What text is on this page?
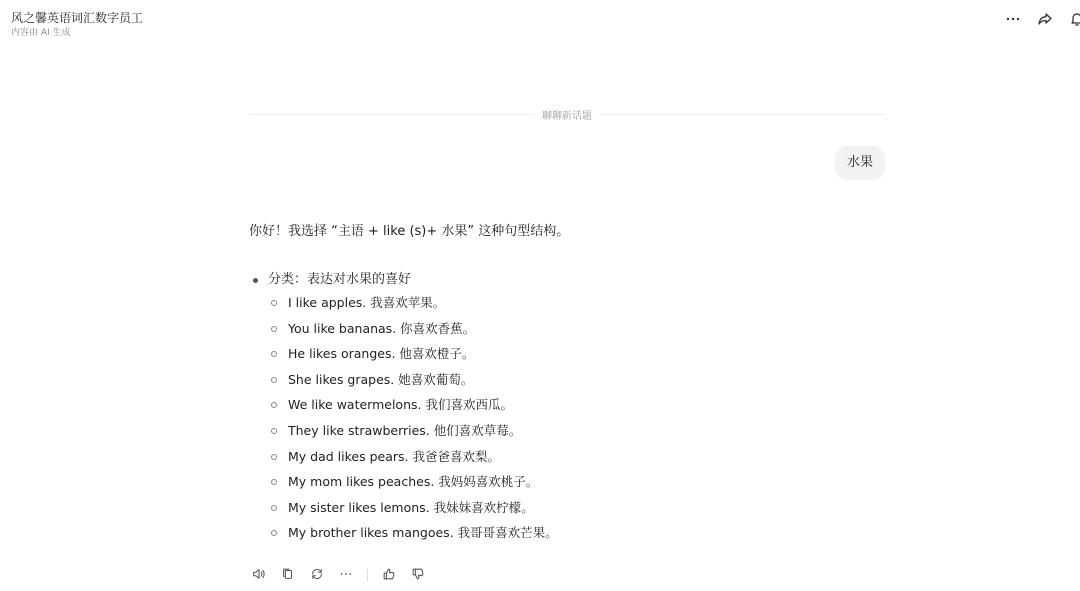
风之馨英语词汇数字员工
内容由 AI 生成
聊聊新话题
水果
你好！我选择 “主语 + like (s)+ 水果” 这种句型结构。
分类：表达对水果的喜好
I like apples. 我喜欢苹果。
You like bananas. 你喜欢香蕉。
He likes oranges. 他喜欢橙子。
She likes grapes. 她喜欢葡萄。
We like watermelons. 我们喜欢西瓜。
They like strawberries. 他们喜欢草莓。
My dad likes pears. 我爸爸喜欢梨。
My mom likes peaches. 我妈妈喜欢桃子。
My sister likes lemons. 我妹妹喜欢柠檬。
My brother likes mangoes. 我哥哥喜欢芒果。
